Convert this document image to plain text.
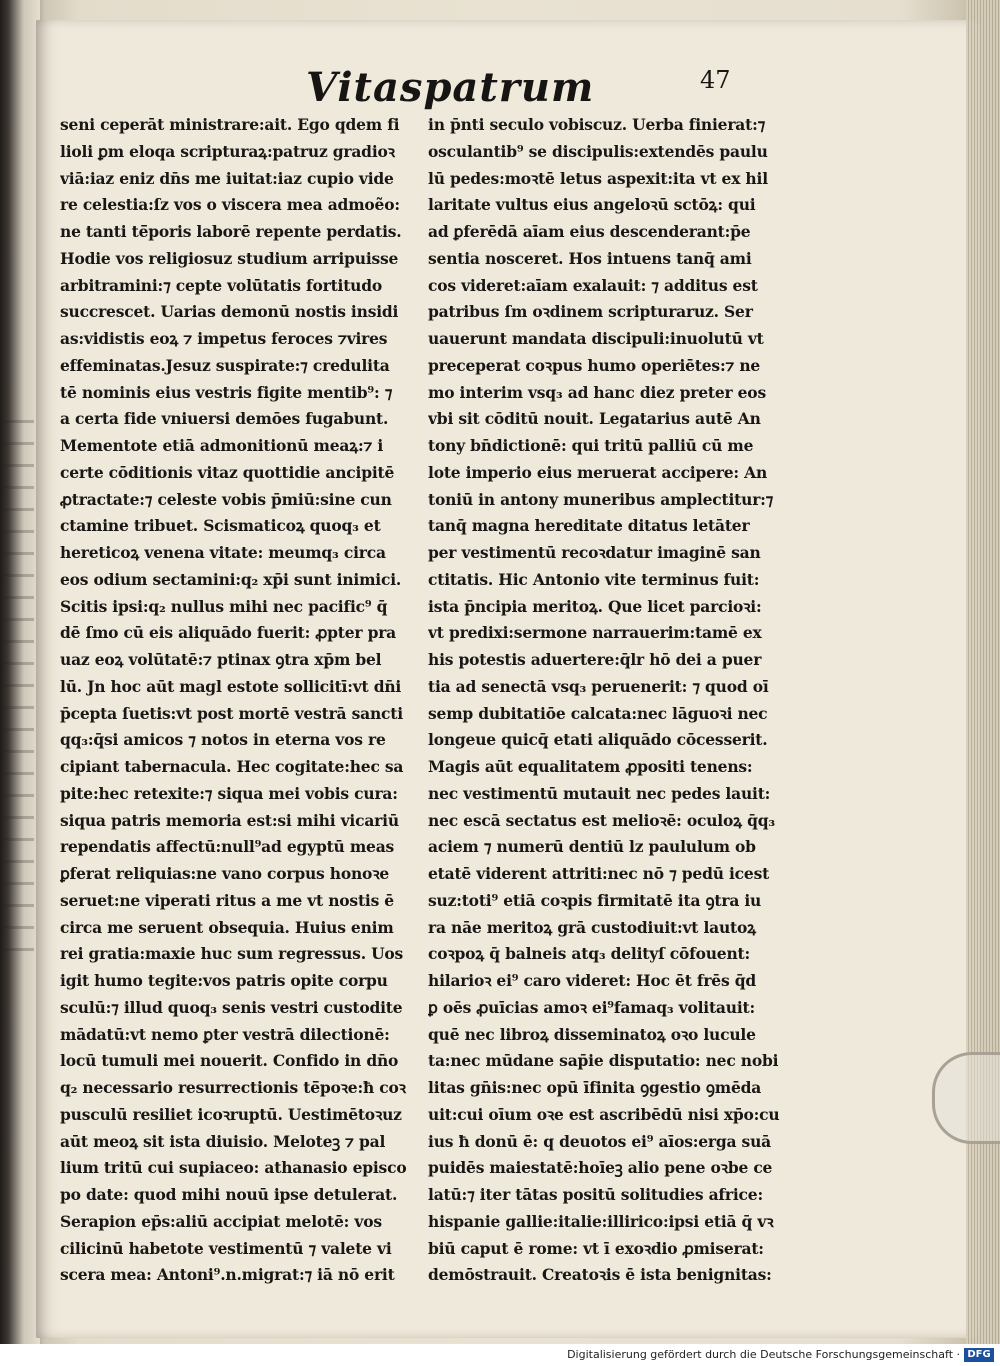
Vitaspatrum	47
seni ceperāt ministrare:ait. Ego qdem fi
lioli ꝑm eloqa scripturaꝝ:patruz gradioꝛ
viā:iaz eniz dn̄s me iuitat:iaz cupio vide
re celestia:ſz vos o viscera mea admoẽo:
ne tanti tē̄poris laborē repente perdatis.
Hodie vos religiosuz studium arripuisse
arbitramini:⁊ cepte volūtatis fortitudo
succrescet. Uarias demonū nostis insidi
as:vidistis eoꝝ ⁊ impetus feroces ⁊vires
effeminatas.Jesuz suspirate:⁊ credulita
tē nominis eius vestris figite mentib⁹: ⁊
a certa fide vniuersi demōes fugabunt.
Mementote etiā admonitionū meaꝝ:⁊ i
certe cōditionis vitaz quottidie ancipitē
ꝓtractate:⁊ celeste vobis p̄miū:sine cun
ctamine tribuet. Scismaticoꝝ quoq₃ et
hereticoꝝ venena vitate: meumq₃ circa
eos odium sectamini:q₂ xp̄i sunt inimici.
Scitis ipsi:q₂ nullus mihi nec pacific⁹ q̄
dē ſmo cū eis aliquādo fuerit: ꝓpter pra
uaz eoꝝ volūtatē:⁊ ptinax ꝯtra xp̄m bel
lū. Jn hoc aūt magl estote sollicitī:vt dn̄i
p̄cepta ſuetis:vt post mortē vestrā sancti
qq₃:q̄si amicos ⁊ notos in eterna vos re
cipiant tabernacula. Hec cogitate:hec sa
pite:hec retexite:⁊ siqua mei vobis cura:
siqua patris memoria est:si mihi vicariū
rependatis affectū:null⁹ad egyptū meas
ꝑferat reliquias:ne vano corpus honoꝛe
seruet:ne viperati ritus a me vt nostis ē
circa me seruent obsequia. Huius enim
rei gratia:maxie huc sum regressus. Uos
igit humo tegite:vos patris opite corpu
sculū:⁊ illud quoq₃ senis vestri custodite
mādatū:vt nemo ꝑter vestrā dilectionē:
locū tumuli mei nouerit. Confido in dn̄o
q₂ necessario resurrectionis tē̄poꝛe:ħ coꝛ
pusculū resiliet icoꝛruptū. Uestimētoꝛuz
aūt meoꝝ sit ista diuisio. Meloteꝫ ⁊ pal
lium tritū cui supiaceo: athanasio episco
po date: quod mihi nouū ipse detulerat.
Serapion ep̄s:aliū accipiat melotē: vos
cilicinū habetote vestimentū ⁊ valete vi
scera mea: Antoni⁹.n.migrat:⁊ iā nō erit
in p̄nti seculo vobiscuz. Uerba finierat:⁊
osculantib⁹ se discipulis:extendēs paulu
lū pedes:moꝛtē letus aspexit:ita vt ex hil
laritate vultus eius angeloꝛū sctōꝝ: qui
ad ꝑferēdā aīam eius descenderant:p̄e
sentia nosceret. Hos intuens tanq̄ ami
cos videret:aīam exalauit: ⁊ additus est
patribus ſm oꝛdinem scripturaruz. Ser
uauerunt mandata discipuli:inuolutū vt
preceperat coꝛpus humo operiētes:⁊ ne
mo interim vsq₃ ad hanc diez preter eos
vbi sit cōditū nouit. Legatarius autē An
tony bn̄dictionē: qui tritū palliū cū me
lote imperio eius meruerat accipere: An
toniū in antony muneribus amplectitur:⁊
tanq̄ magna hereditate ditatus letāter
per vestimentū recoꝛdatur imaginē san
ctitatis. Hic Antonio vite terminus fuit:
ista p̄ncipia meritoꝝ. Que licet parcioꝛi:
vt predixi:sermone narrauerim:tamē ex
his potestis aduertere:q̄lr hō dei a puer
tia ad senectā vsq₃ peruenerit: ⁊ quod oī
semp dubitatiōe calcata:nec lāguoꝛi nec
longeue quicq̄ etati aliquādo cōcesserit.
Magis aūt equalitatem ꝓpositi tenens:
nec vestimentū mutauit nec pedes lauit:
nec escā sectatus est melioꝛē: oculoꝝ q̄q₃
aciem ⁊ numerū dentiū lz paululum ob
etatē viderent attriti:nec nō ⁊ pedū icest
suz:toti⁹ etiā coꝛpis firmitatē ita ꝯtra iu
ra nāe meritoꝝ grā custodiuit:vt lautoꝝ
coꝛpoꝝ q̄ balneis atq₃ delityſ cōfouent:
hilarioꝛ ei⁹ caro videret: Hoc ēt frēs q̄d
ꝑ oēs ꝓuīcias amoꝛ ei⁹famaq₃ volitauit:
quē nec libroꝝ disseminatoꝝ oꝛo lucule
ta:nec mūdane sap̄ie disputatio: nec nobi
litas gn̄is:nec opū īfinita ꝯgestio ꝯmēda
uit:cui oīum oꝛe est ascribēdū nisi xp̄o:cu
ius ħ donū ē: q deuotos ei⁹ aīos:erga suā
puidēs maiestatē:hoīeꝫ alio pene oꝛbe ce
latū:⁊ iter tātas positū solitudies africe:
hispanie gallie:italie:illirico:ipsi etiā q̄ vꝛ
biū caput ē rome: vt ī exoꝛdio ꝓmiserat:
demōstrauit. Creatoꝛis ē ista benignitas:
Digitalisierung gefördert durch die Deutsche Forschungsgemeinschaft · DFG
